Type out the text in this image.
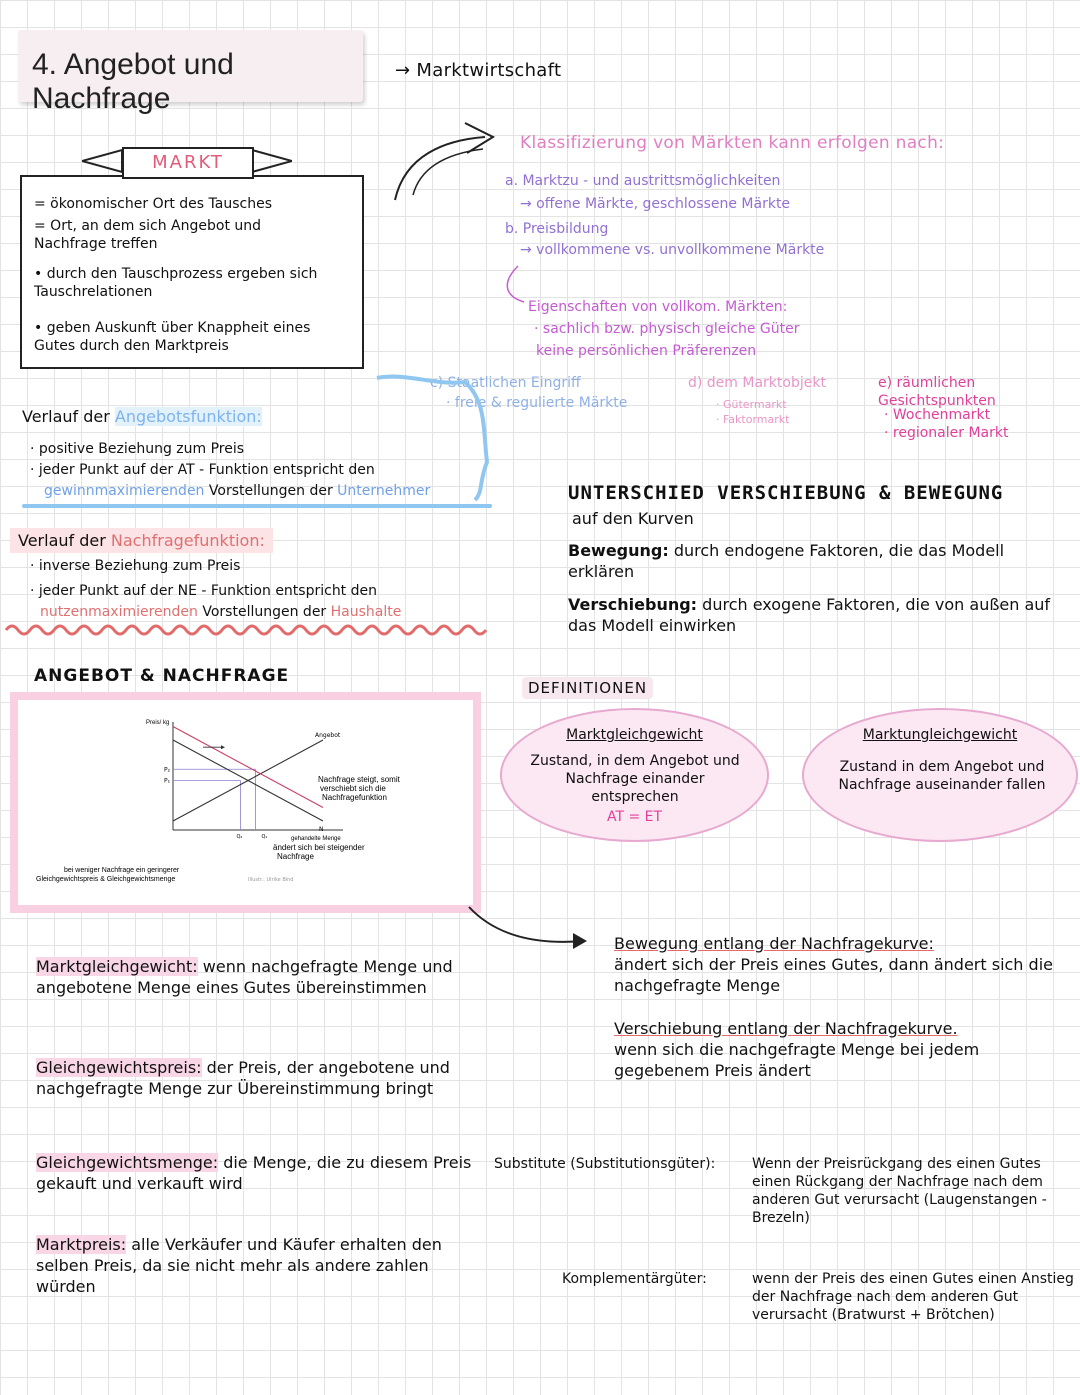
4. Angebot und Nachfrage
→ Marktwirtschaft
= ökonomischer Ort des Tausches
= Ort, an dem sich Angebot und Nachfrage treffen
• durch den Tauschprozess ergeben sich Tauschrelationen
• geben Auskunft über Knappheit eines Gutes durch den Marktpreis
MARKT
Klassifizierung von Märkten kann erfolgen nach:
a. Marktzu - und austrittsmöglichkeiten
→ offene Märkte, geschlossene Märkte
b. Preisbildung
→ vollkommene vs. unvollkommene Märkte
Eigenschaften von vollkom. Märkten:
· sachlich bzw. physisch gleiche Güter
keine persönlichen Präferenzen
c) Staatlichen Eingriff
· freie & regulierte Märkte
d) dem Marktobjekt
· Gütermarkt
· Faktormarkt
e) räumlichen Gesichtspunkten
· Wochenmarkt
· regionaler Markt
Verlauf der Angebotsfunktion:
· positive Beziehung zum Preis
· jeder Punkt auf der AT - Funktion entspricht den
gewinnmaximierenden Vorstellungen der Unternehmer
Verlauf der Nachfragefunktion:
· inverse Beziehung zum Preis
· jeder Punkt auf der NE - Funktion entspricht den
nutzenmaximierenden Vorstellungen der Haushalte
ANGEBOT & NACHFRAGE
Preis/ kg
gehandelte Menge
P₂
P₁
Q₂	Q₁
Angebot
N
Nachfrage steigt, somit verschiebt sich die Nachfragefunktion
ändert sich bei steigender Nachfrage
bei weniger Nachfrage ein geringerer Gleichgewichtspreis & Gleichgewichtsmenge	Illustr.: Ulrike Bind
UNTERSCHIED VERSCHIEBUNG & BEWEGUNG
auf den Kurven
Bewegung: durch endogene Faktoren, die das Modell erklären
Verschiebung: durch exogene Faktoren, die von außen auf das Modell einwirken
DEFINITIONEN
Marktgleichgewicht
Zustand, in dem Angebot und Nachfrage einander entsprechen
AT = ET
Marktungleichgewicht
Zustand in dem Angebot und Nachfrage auseinander fallen
Marktgleichgewicht: wenn nachgefragte Menge und angebotene Menge eines Gutes übereinstimmen
Gleichgewichtspreis: der Preis, der angebotene und nachgefragte Menge zur Übereinstimmung bringt
Gleichgewichtsmenge: die Menge, die zu diesem Preis gekauft und verkauft wird
Marktpreis: alle Verkäufer und Käufer erhalten den selben Preis, da sie nicht mehr als andere zahlen würden
Bewegung entlang der Nachfragekurve:
ändert sich der Preis eines Gutes, dann ändert sich die nachgefragte Menge
Verschiebung entlang der Nachfragekurve.
wenn sich die nachgefragte Menge bei jedem gegebenem Preis ändert
Substitute (Substitutionsgüter):	Wenn der Preisrückgang des einen Gutes einen Rückgang der Nachfrage nach dem anderen Gut verursacht (Laugenstangen - Brezeln)
Komplementärgüter:	wenn der Preis des einen Gutes einen Anstieg der Nachfrage nach dem anderen Gut verursacht (Bratwurst + Brötchen)
